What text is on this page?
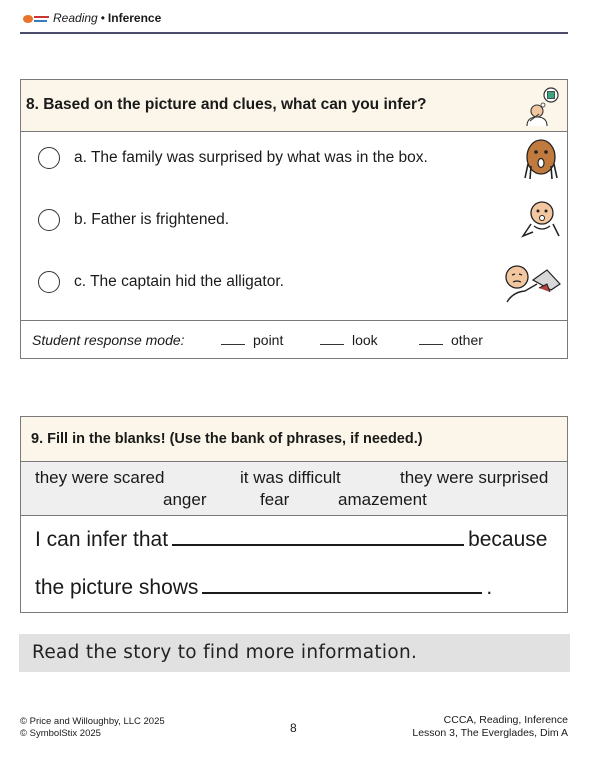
Reading • Inference
8. Based on the picture and clues, what can you infer?
a. The family was surprised by what was in the box.
b. Father is frightened.
c. The captain hid the alligator.
Student response mode:	point	look	other
9. Fill in the blanks! (Use the bank of phrases, if needed.)
they were scared	it was difficult	they were surprised
anger	fear	amazement
I can infer that	because
the picture shows	.
Read the story to find more information.
© Price and Willoughby, LLC 2025
© SymbolStix 2025	8
CCCA, Reading, Inference
Lesson 3, The Everglades, Dim A
